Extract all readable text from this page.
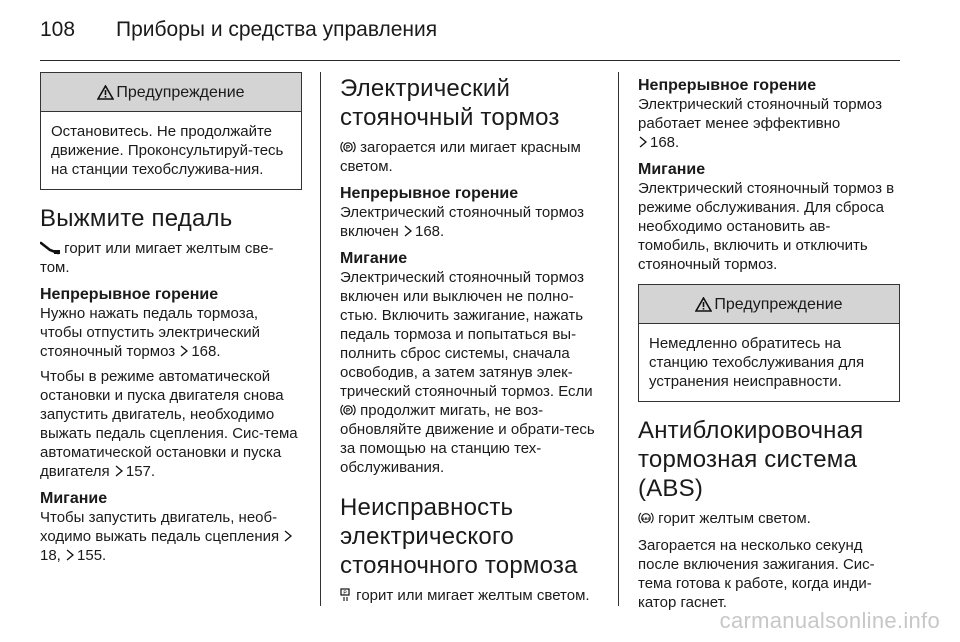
108	Приборы и средства управления
Предупреждение
Остановитесь. Не продолжайте движение. Проконсультируй-тесь на станции техобслужива-ния.
Выжмите педаль

горит или мигает желтым све-том.

Непрерывное горение

Нужно нажать педаль тормоза, чтобы отпустить электрический стояночный тормоз 168.

Чтобы в режиме автоматической остановки и пуска двигателя снова запустить двигатель, необходимо выжать педаль сцепления. Сис-тема автоматической остановки и пуска двигателя 157.

Мигание

Чтобы запустить двигатель, необ-ходимо выжать педаль сцепления 18, 155.

Электрический стояночный тормоз

P загорается или мигает красным светом.

Непрерывное горение

Электрический стояночный тормоз включен 168.

Мигание

Электрический стояночный тормоз включен или выключен не полно-стью. Включить зажигание, нажать педаль тормоза и попытаться вы-полнить сброс системы, сначала освободив, а затем затянув элек-трический стояночный тормоз. Если
P продолжит мигать, не воз-обновляйте движение и обрати-тесь за помощью на станцию тех-обслуживания.

Неисправность электрического стояночного тормоза

P горит или мигает желтым светом.

Непрерывное горение

Электрический стояночный тормоз работает менее эффективно
168.

Мигание

Электрический стояночный тормоз в режиме обслуживания. Для сброса необходимо остановить ав-томобиль, включить и отключить стояночный тормоз.

Предупреждение
Немедленно обратитесь на станцию техобслуживания для устранения неисправности.
Антиблокировочная тормозная система (ABS)

ABS горит желтым светом.

Загорается на несколько секунд после включения зажигания. Сис-тема готова к работе, когда инди-катор гаснет.

carmanualsonline.info
